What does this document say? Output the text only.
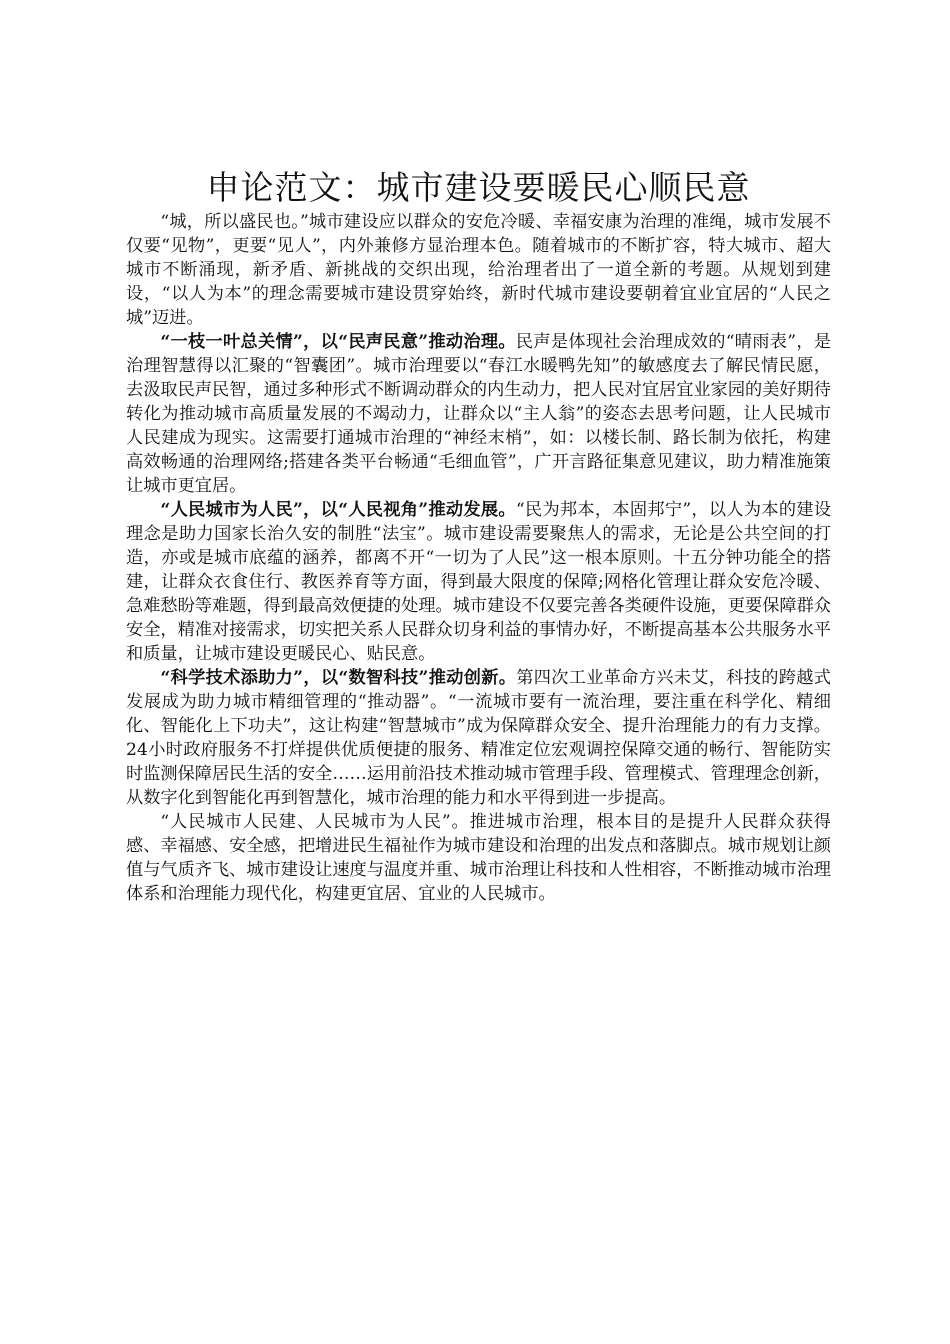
申论范文：城市建设要暖民心顺民意

“城，所以盛民也。”城市建设应以群众的安危冷暖、幸福安康为治理的准绳，城市发展不仅要“见物”，更要“见人”，内外兼修方显治理本色。随着城市的不断扩容，特大城市、超大城市不断涌现，新矛盾、新挑战的交织出现，给治理者出了一道全新的考题。从规划到建设，“以人为本”的理念需要城市建设贯穿始终，新时代城市建设要朝着宜业宜居的“人民之城”迈进。

“一枝一叶总关情”，以“民声民意”推动治理。民声是体现社会治理成效的“晴雨表”，是治理智慧得以汇聚的“智囊团”。城市治理要以“春江水暖鸭先知”的敏感度去了解民情民愿，去汲取民声民智，通过多种形式不断调动群众的内生动力，把人民对宜居宜业家园的美好期待转化为推动城市高质量发展的不竭动力，让群众以“主人翁”的姿态去思考问题，让人民城市人民建成为现实。这需要打通城市治理的“神经末梢”，如：以楼长制、路长制为依托，构建高效畅通的治理网络;搭建各类平台畅通“毛细血管”，广开言路征集意见建议，助力精准施策让城市更宜居。

“人民城市为人民”，以“人民视角”推动发展。“民为邦本，本固邦宁”，以人为本的建设理念是助力国家长治久安的制胜“法宝”。城市建设需要聚焦人的需求，无论是公共空间的打造，亦或是城市底蕴的涵养，都离不开“一切为了人民”这一根本原则。十五分钟功能全的搭建，让群众衣食住行、教医养育等方面，得到最大限度的保障;网格化管理让群众安危冷暖、急难愁盼等难题，得到最高效便捷的处理。城市建设不仅要完善各类硬件设施，更要保障群众安全，精准对接需求，切实把关系人民群众切身利益的事情办好，不断提高基本公共服务水平和质量，让城市建设更暖民心、贴民意。

“科学技术添助力”，以“数智科技”推动创新。第四次工业革命方兴未艾，科技的跨越式发展成为助力城市精细管理的“推动器”。“一流城市要有一流治理，要注重在科学化、精细化、智能化上下功夫”，这让构建“智慧城市”成为保障群众安全、提升治理能力的有力支撑。24小时政府服务不打烊提供优质便捷的服务、精准定位宏观调控保障交通的畅行、智能防实时监测保障居民生活的安全……运用前沿技术推动城市管理手段、管理模式、管理理念创新，从数字化到智能化再到智慧化，城市治理的能力和水平得到进一步提高。

“人民城市人民建、人民城市为人民”。推进城市治理，根本目的是提升人民群众获得感、幸福感、安全感，把增进民生福祉作为城市建设和治理的出发点和落脚点。城市规划让颜值与气质齐飞、城市建设让速度与温度并重、城市治理让科技和人性相容，不断推动城市治理体系和治理能力现代化，构建更宜居、宜业的人民城市。
